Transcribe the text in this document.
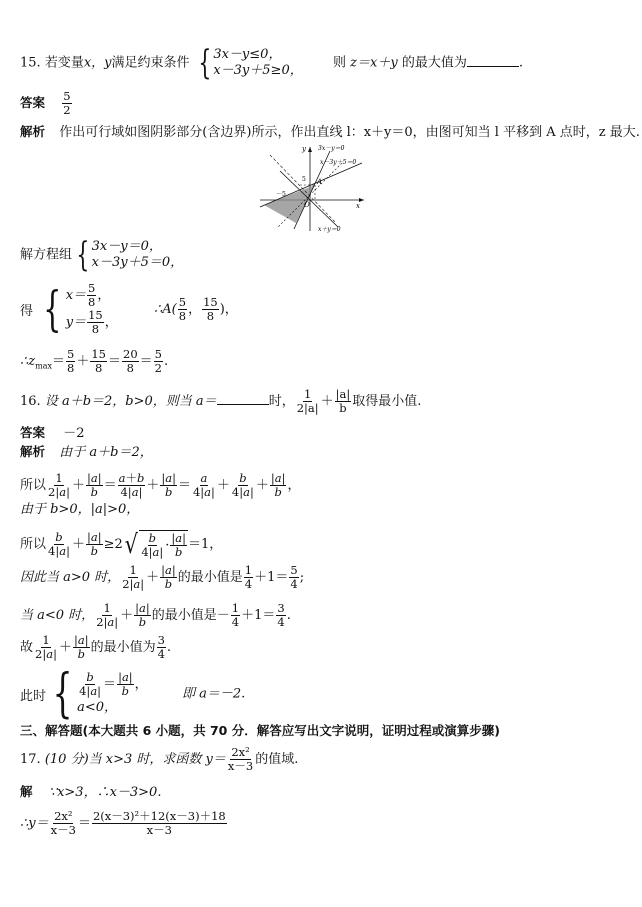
15. 若变量x，y满足约束条件 { 3x－y≤0，
x－3y＋5≥0， 则 z＝x＋y 的最大值为	.
答案 $\frac{5}{2}$
解析 作出可行域如图阴影部分(含边界)所示，作出直线 l：x＋y＝0，由图可知当 l 平移到 A 点时，z 最大.
y
x
O
A
－5
5
3x－y＝0
x－3y＋5＝0
x＋y＝0
解方程组 { 3x－y＝0，
x－3y＋5＝0，
得 { $x= \frac{5}{8}$ ，
$y= \frac{15}{8}$ ，
∴A( $\frac{5}{8}$ ， $\frac{15}{8}$ )，
$\therefore z_{max}= \frac{5}{8} + \frac{15}{8} = \frac{20}{8} = \frac{5}{2}$ .
16. 设 a＋b＝2，b>0，则当 a＝	时， $\frac{1}{2|a|} + \frac{|a|}{b}$ 取得最小值.
答案 －2
解析 由于 a＋b＝2，
所以 $\frac{1}{2|a|} + \frac{|a|}{b} = \frac{a+b}{4|a|} + \frac{|a|}{b} = \frac{a}{4|a|} + \frac{b}{4|a|} + \frac{|a|}{b}$ ，
由于 b>0，|a|>0，
所以 $\frac{b}{4|a|} + \frac{|a|}{b} \ge 2$ √ $\frac{b}{4|a|} \cdot \frac{|a|}{b} =1$，
因此当 a>0 时， $\frac{1}{2|a|} + \frac{|a|}{b}$ 的最小值是 $\frac{1}{4} +1= \frac{5}{4}$ ;
当 a<0 时， $\frac{1}{2|a|} + \frac{|a|}{b}$ 的最小值是－ $\frac{1}{4} +1= \frac{3}{4}$ .
故 $\frac{1}{2|a|} + \frac{|a|}{b}$ 的最小值为 $\frac{3}{4}$ .
此时 { $\frac{b}{4|a|} = \frac{|a|}{b}$ ，
a<0，
即 a＝－2.
三、解答题(本大题共 6 小题，共 70 分．解答应写出文字说明，证明过程或演算步骤)
17. (10 分)当 x>3 时，求函数 $y= \frac{\text{2x²}}{x-3}$ 的值域.
解 ∵x>3，∴x－3>0.
∴y＝ $\frac{\text{2x²}}{x-3} = \frac{\text{2(x－3)²＋12(x－3)＋18}}{x-3}$
